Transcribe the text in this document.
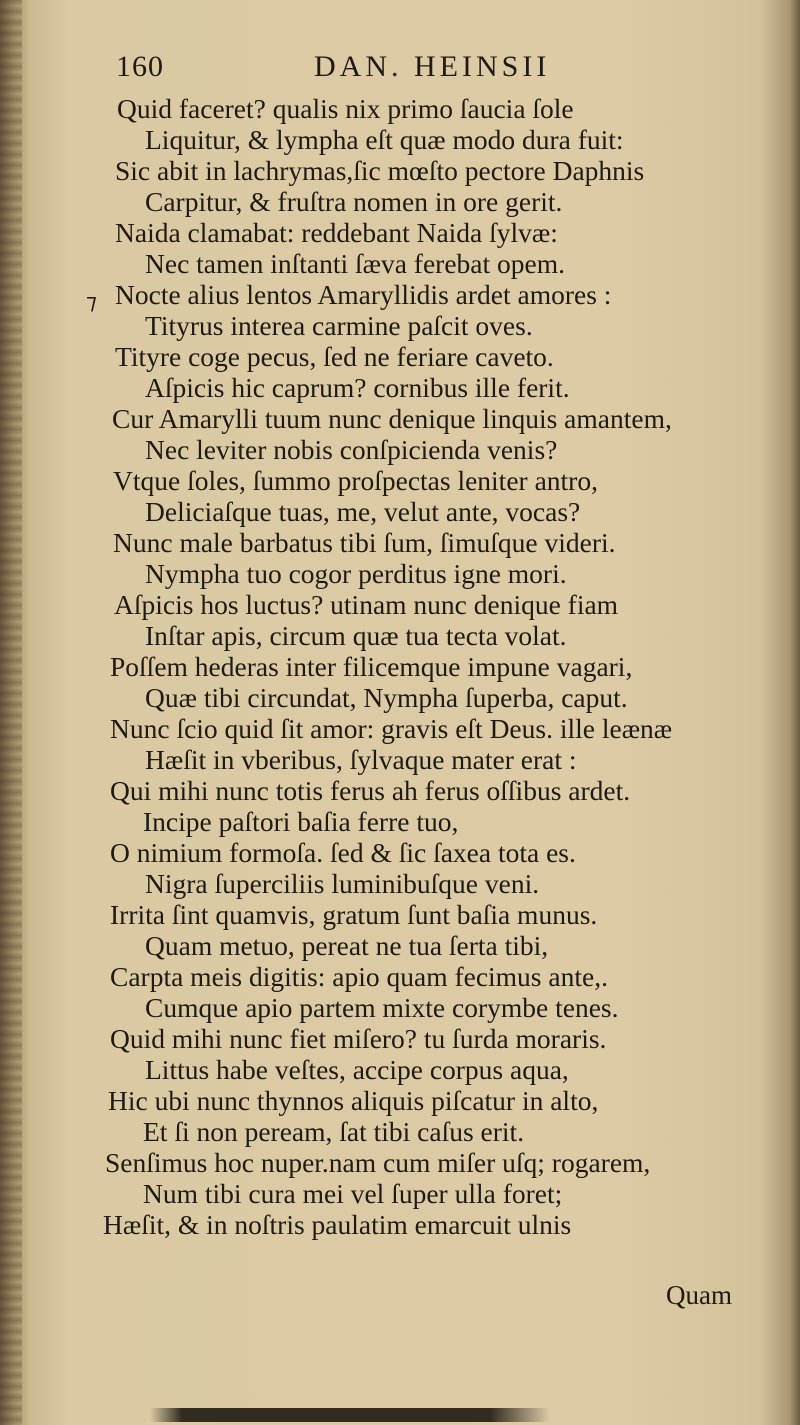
160	DAN. HEINSII
⁊
Quid faceret? qualis nix primo ſaucia ſole
Liquitur, & lympha eſt quæ modo dura fuit:
Sic abit in lachrymas,ſic mœſto pectore Daphnis
Carpitur, & fruſtra nomen in ore gerit.
Naida clamabat: reddebant Naida ſylvæ:
Nec tamen inſtanti ſæva ferebat opem.
Nocte alius lentos Amaryllidis ardet amores :
Tityrus interea carmine paſcit oves.
Tityre coge pecus, ſed ne feriare caveto.
Aſpicis hic caprum? cornibus ille ferit.
Cur Amarylli tuum nunc denique linquis amantem,
Nec leviter nobis conſpicienda venis?
Vtque ſoles, ſummo proſpectas leniter antro,
Deliciaſque tuas, me, velut ante, vocas?
Nunc male barbatus tibi ſum, ſimuſque videri.
Nympha tuo cogor perditus igne mori.
Aſpicis hos luctus? utinam nunc denique fiam
Inſtar apis, circum quæ tua tecta volat.
Poſſem hederas inter filicemque impune vagari,
Quæ tibi circundat, Nympha ſuperba, caput.
Nunc ſcio quid ſit amor: gravis eſt Deus. ille leænæ
Hæſit in vberibus, ſylvaque mater erat :
Qui mihi nunc totis ferus ah ferus oſſibus ardet.
Incipe paſtori baſia ferre tuo,
O nimium formoſa. ſed & ſic ſaxea tota es.
Nigra ſuperciliis luminibuſque veni.
Irrita ſint quamvis, gratum ſunt baſia munus.
Quam metuo, pereat ne tua ſerta tibi,
Carpta meis digitis: apio quam fecimus ante,.
Cumque apio partem mixte corymbe tenes.
Quid mihi nunc fiet miſero? tu ſurda moraris.
Littus habe veſtes, accipe corpus aqua,
Hic ubi nunc thynnos aliquis piſcatur in alto,
Et ſi non peream, ſat tibi caſus erit.
Senſimus hoc nuper.nam cum miſer uſq; rogarem,
Num tibi cura mei vel ſuper ulla foret;
Hæſit, & in noſtris paulatim emarcuit ulnis
Quam
